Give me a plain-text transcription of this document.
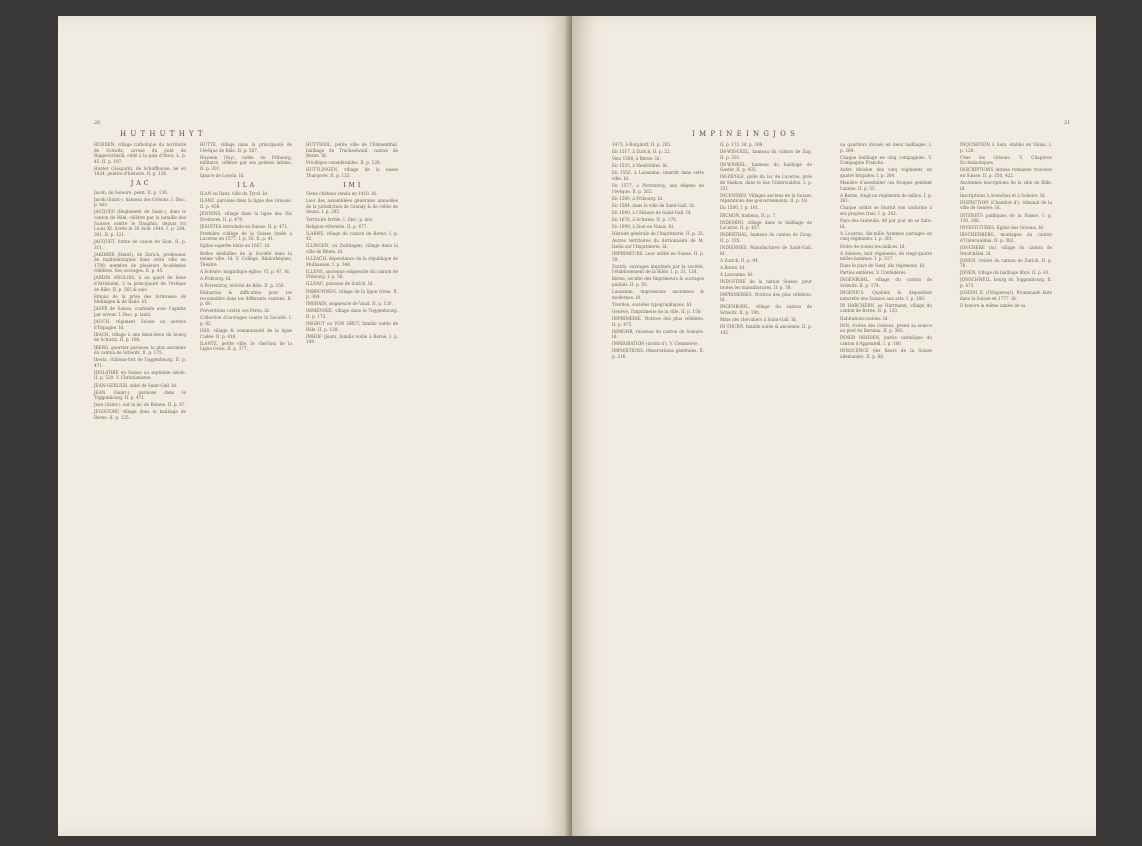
20
H U T H U T H Y T

HURDEN, village catholique du territoire de Schwitz, arrosé du pont de Rapperschwill, cédé à la paix d'Arau. L. p. 45. II. p. 197.

Huster (Gaspard), de Schaffhouse, né en 1624, peintre d'histoire. II. p. 136.

J A C

Jacob, de Soleure, peint. II. p. 136.

Jacob (Saint-), hameau des Grisons. I. Disc. p. lxiv.

JACQUES (Reglement de Saint-), dans le canton de Bâle, célèbre par la bataille des Suisses contre le Dauphin, depuis roi Louis XI. livrée le 26 Août 1444. I. p. 264, 361. II. p. 121.

JACQUET, forme de canon de Sion. II. p. 311.

JAKOBER (Henri), de Zurich, professeur de mathématiques dans cette ville en 1700; membre de plusieurs Académies célèbres. Ses ouvrages. II. p. 45.

JARDIN ANGLOIS, à un quart de lieue d'Artisheim, à la principauté de l'évêque de Bâle. II. p. 565 & suiv.

Ennuis de la prise des forteresse de Mellingen & de Bade. Id.

JASPÉ de Saisse, confondu avec l'agathe par erreur. I. Disc. p. lxxiii.

JAUCH, régiment Suisse au service d'Espagne. Id.

IBACH, village à une demi-lieue du bourg de Schwitz. II. p. 198.

IBERG, guerrier paroisse, la plus ancienne du canton de Schwitz. II. p. 175.

Iberia, château-fort de Toggenbourg. II. p. 471.

IDOLATRIE en Suisse au septième siècle. II. p. 520. V. Christianisme.

JEAN-GERLIER, abbé de Saint-Gall. Id.

JEAN (Saint-), paroisse dans le Toggenbourg. II. p. 471.

Jean (Saint-), sur la lac de Bienne. II. p. 87.

JEGISTORF, village dans le bailliage de Berne. II. p. 125.

HUTTE, village dans la principauté de l'évêque de Bâle. II. p. 567.

Huysem (Vay), noble de Fribourg, militaire, célèbre par ses poésies latines. II. p. 331.

Ignace de Loyola. Id.

I L A

ILAN ou Ilanz, ville du Tyrol. Id.

ILANZ, paroisse dans la ligue des Grisons. II. p. 459.

JENNINS, village dans la ligue des Dix Droitures. II. p. 470.

JESUITES introduits en Suisse. II. p. 471.

Première collège de la Suisse fondé à Lucerne en 1577. I. p. 56. II. p. 41.

Eglise superbe bâtie en 1667. Id.

Belles médailles de la Société dans la même ville. Id. V. Collège, Bibliothèques, Théatre.

A Soleure, magnifique église. VI. p. 47. Id.

A Fribourg. Id.

A Porrentruy, évêché de Bâle. II. p. 158.

Embarras & difficultés pour les reconnoître dans les différents cantons. II. p. 60.

Préventions contre ces Pères. Id.

Collection d'ouvrages contre la Société. I. p. 82.

IGIS, village & communauté de la ligue Cadée. II. p. 416.

ILANTZ, petite ville, le chef-lieu de la Ligue Grise. II. p. 377.

HUTTWEIL, petite ville de l'Emmenthal, bailliage de Trachselwald, canton de Berne. Id.

Privilèges considérables. II. p. 128.

HUTTLINGEN, village de la basse Thurgovie. II. p. 123.

I M I

Vieux château vendu en 1410. Id.

Lieu des assemblées générales annuelles de la jurisdiction de Grandy & de celles de Seuza. I. p. 285.

Territoire fertile. I. Disc. p. lxiv.

Religion réformée. II. p. 477.

ILARNE, village du canton de Berne. I. p. 42.

ILLINGEN, ou Zwillingen, village dans la ville de Rhein. Id.

ILLZACH, dépendance de la république de Mulhausen. I. p. 344.

ILLENS, ancienne seigneurie du canton de Fribourg. I. p. 58.

ILLNAU, paroisse de Zurich. Id.

IMBRUNNEN, village de la ligue Grise. II. p. 384.

IMERAIN, seigneurie de Vaud. II. p. 120.

IMMENSEE, village dans le Toggenbourg. II. p. 173.

IMGRUT ou VON GRUT, famille noble de Bâle. II. p. 128.

IMHOF (Jean), famille noble à Berne. I. p. 149.

21
I M P I N E I N G J O S

1473, à Burgdorf. II. p. 265.

En 1517, à Zurich. II. p. 22.

Vers 1500, à Berne. Id.

En 1535, à Neufchâtel. Id.

En 1556, à Lausanne; interdit dans cette ville. Id.

En 1577, à Porrentruy, aux dépens de l'évêque. II. p. 562.

En 1580, à Fribourg. Id.

En 1584, dans la ville de Saint-Gall. Id.

En 1640, à l'Abbaye de Saint-Gall. Id.

En 1676, à Schweiz. II. p. 176.

En 1690, à Sion en Valais. Id.

Histoire générale de l'Imprimerie. II. p. 25.

Autres territoires du dictionnaire de M. Iselin sur l'Imprimerie. Id.

IMPRIMEURS. Leur utilité en Suisse. II. p. 58.

Zurich, ouvrages imprimés par la société, l'établissement de la Bible. I. p. 31, 138.

Berne, société des Imprimeurs & ouvrages publiés. II. p. 93.

Lausanne, impressions anciennes & modernes. Id.

Yverdon, sociétés typographiques. Id.

Genève, l'imprimerie de la ville. II. p. 158.

IMPRIMERIE. Notices des plus célèbres. II. p. 475.

IMMOHR, ruisseau du canton de Soleure. Id.

IMMIGRATION (droits d'). V. Commerce.

IMPOSITIONS. Observations générales. II. p. 216.

II. p. 172. Id. p. 306.

IM-WINCKEL, hameau du canton de Zug. II. p. 331.

IM-WINKEL, hameau du bailliage de Gaster. II. p. 432.

IM-ZIPGLE, golfe du lac de Lucerne, près de Sisikon, dans le bas Underwalden. I. p. 331.

INCENDIES. Villages anciens de la Suisse; réparations des gouvernements. II. p. 18.

En 1580, I. p. 101.

INCHON, hameau, II. p. 7.

INDEMINI, village dans le bailliage de Locarno. II. p. 437.

INDERTHAL, hameau du canton de Zoug. II. p. 335.

INDIENNES. Manufactures de Saint-Gall. Id.

A Zurich. II. p. 94.

A Berne. Id.

A Lausanne. Id.

INDUSTRIE de la nation Suisse, pour toutes les manufactures. II. p. 38.

IMPRIMERIES. Notices des plus célèbres. Id.

INGENBOHL, village du canton de Schwitz. II. p. 190.

Mme des chevaliers à Saint-Gall. Id.

IN-THURN, famille noble & ancienne. II. p. 142.

ou quartiers divisés en deux bailliages. I. p. 264.

Chaque bailliage en cinq compagnies. V. Compagnie Franche.

Autre division des cinq régiments en quatre brigades. I. p. 284.

Manière d'assembler ces troupes pendant l'année. II. p. 55.

A Berne, vingt-un régiments de milice. I. p. 261.

Chaque soldat se fournit son uniforme à ses propres frais. I. p. 262.

Pays des fauteuils, 48 par jour de se faire. Id.

A Lucerne, dix-mille hommes partagés en cinq régiments. I. p. 301.

Ordre de toutes les milices. Id.

A Soleure, huit régiments, de vingt-quatre milles hommes. I. p. 317.

Dans le pays de Vaud, dix régiments. Id.

Parties entières. V. Confédérés.

INGENBOHL, village du canton de Schwitz. II. p. 174.

INGENIUS. Qualités & disposition naturelle des Suisses aux arts. I. p. 180.

IN HARCHERN, au Hartmann, village du canton de Berne. II. p. 133.

Habitations isolées. Id.

INN, rivière des Grisons, prend sa source au pied du Bernina. II. p. 363.

INNER RHODEN, partie catholique du canton d'Appenzell. I. p. 180.

INNOCENCE (les fleurs de la Suisse allemande). II. p. 68.

INQUISITION à Sion, établie en Valais. I. p. 120.

Chez les Grisons. V. Chapitres Ecclésiastiques.

INSCRIPTIONS latines romaines trouvées en Suisse. II. p. 350, 422.

Anciennes inscriptions de la ville de Bâle. Id.

Inscriptions à Avenches et à Soleure. Id.

INSPECTION (Chambre d'), tribunal de la ville de Genève. Id.

INTERETS publiques de la Suisse. I. p. 130, 288.

INVESTITURES, Eglise des Grisons. Id.

IRSCHENBERG, montagne du canton d'Unterwalden. II. p. 383.

JONCHERE (la), village du canton de Neufchâtel. Id.

JONEN, rivière du canton de Zurich. II. p. 78.

JONEN, village du bailliage libre. II. p. 81.

JONSCHWEIL, bourg du Toggenbourg. II. p. 473.

JOSEPH II. (l'Empereur), Promenade faite dans la Suisse en 1777. Id.

Il honore la même année de sa
